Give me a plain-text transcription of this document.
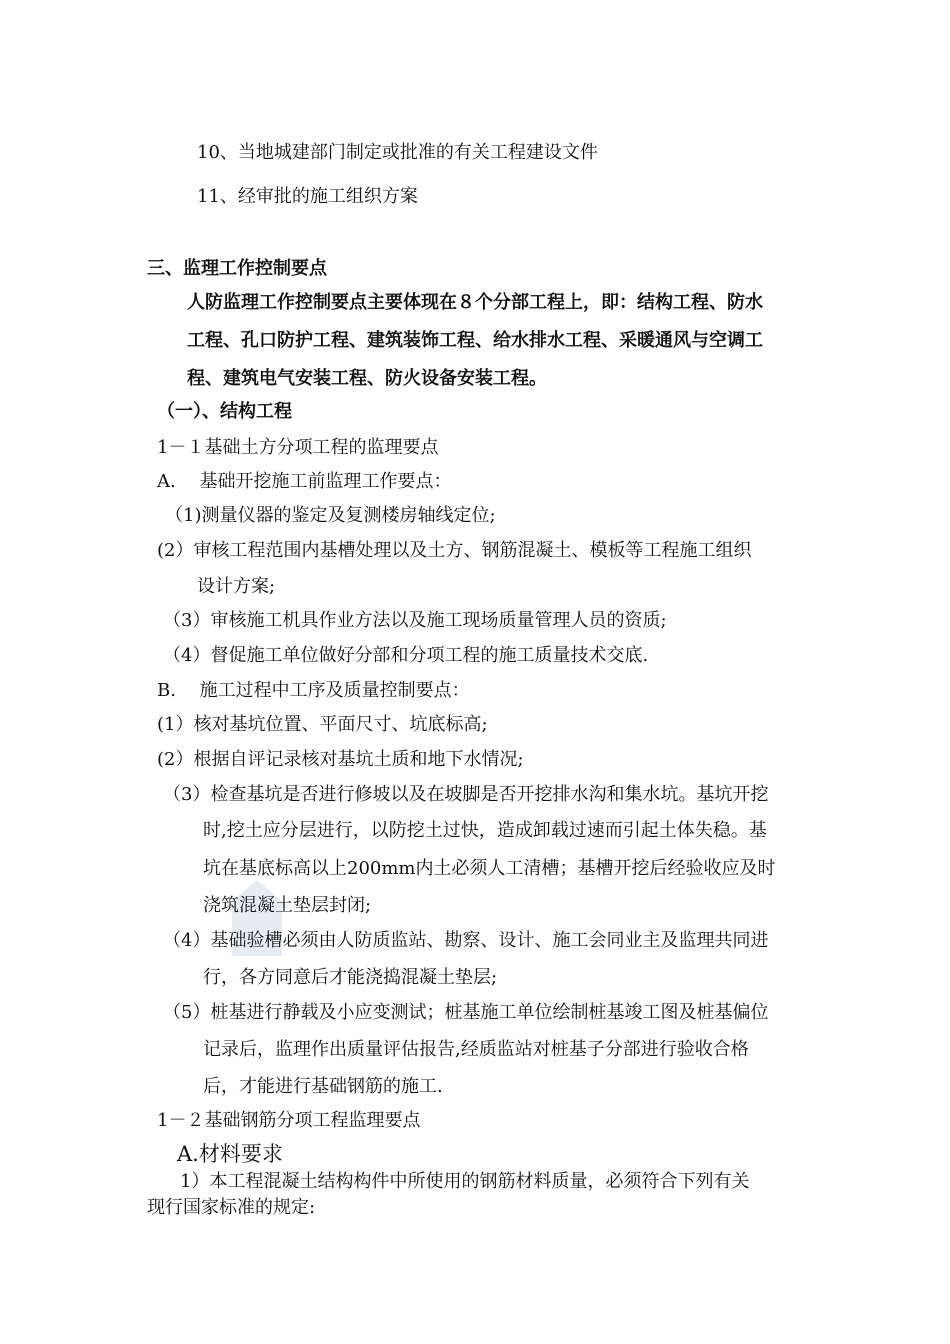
10、当地城建部门制定或批准的有关工程建设文件
11、经审批的施工组织方案
三、监理工作控制要点
人防监理工作控制要点主要体现在８个分部工程上，即：结构工程、防水
工程、孔口防护工程、建筑装饰工程、给水排水工程、采暖通风与空调工
程、建筑电气安装工程、防火设备安装工程。
（一）、结构工程
1－１基础土方分项工程的监理要点
A.　 基础开挖施工前监理工作要点：
（1)测量仪器的鉴定及复测楼房轴线定位;
(2）审核工程范围内基槽处理以及土方、钢筋混凝土、模板等工程施工组织
设计方案;
（3）审核施工机具作业方法以及施工现场质量管理人员的资质;
（4）督促施工单位做好分部和分项工程的施工质量技术交底.
B.　 施工过程中工序及质量控制要点：
(1）核对基坑位置、平面尺寸、坑底标高;
(2）根据自评记录核对基坑土质和地下水情况;
（3）检查基坑是否进行修坡以及在坡脚是否开挖排水沟和集水坑。基坑开挖
时,挖土应分层进行，以防挖土过快，造成卸载过速而引起土体失稳。基
坑在基底标高以上200mm内土必须人工清槽；基槽开挖后经验收应及时
浇筑混凝土垫层封闭;
（4）基础验槽必须由人防质监站、勘察、设计、施工会同业主及监理共同进
行，各方同意后才能浇捣混凝土垫层;
（5）桩基进行静载及小应变测试；桩基施工单位绘制桩基竣工图及桩基偏位
记录后，监理作出质量评估报告,经质监站对桩基子分部进行验收合格
后，才能进行基础钢筋的施工.
1－２基础钢筋分项工程监理要点
A.材料要求
1）本工程混凝土结构构件中所使用的钢筋材料质量，必须符合下列有关
现行国家标准的规定:
